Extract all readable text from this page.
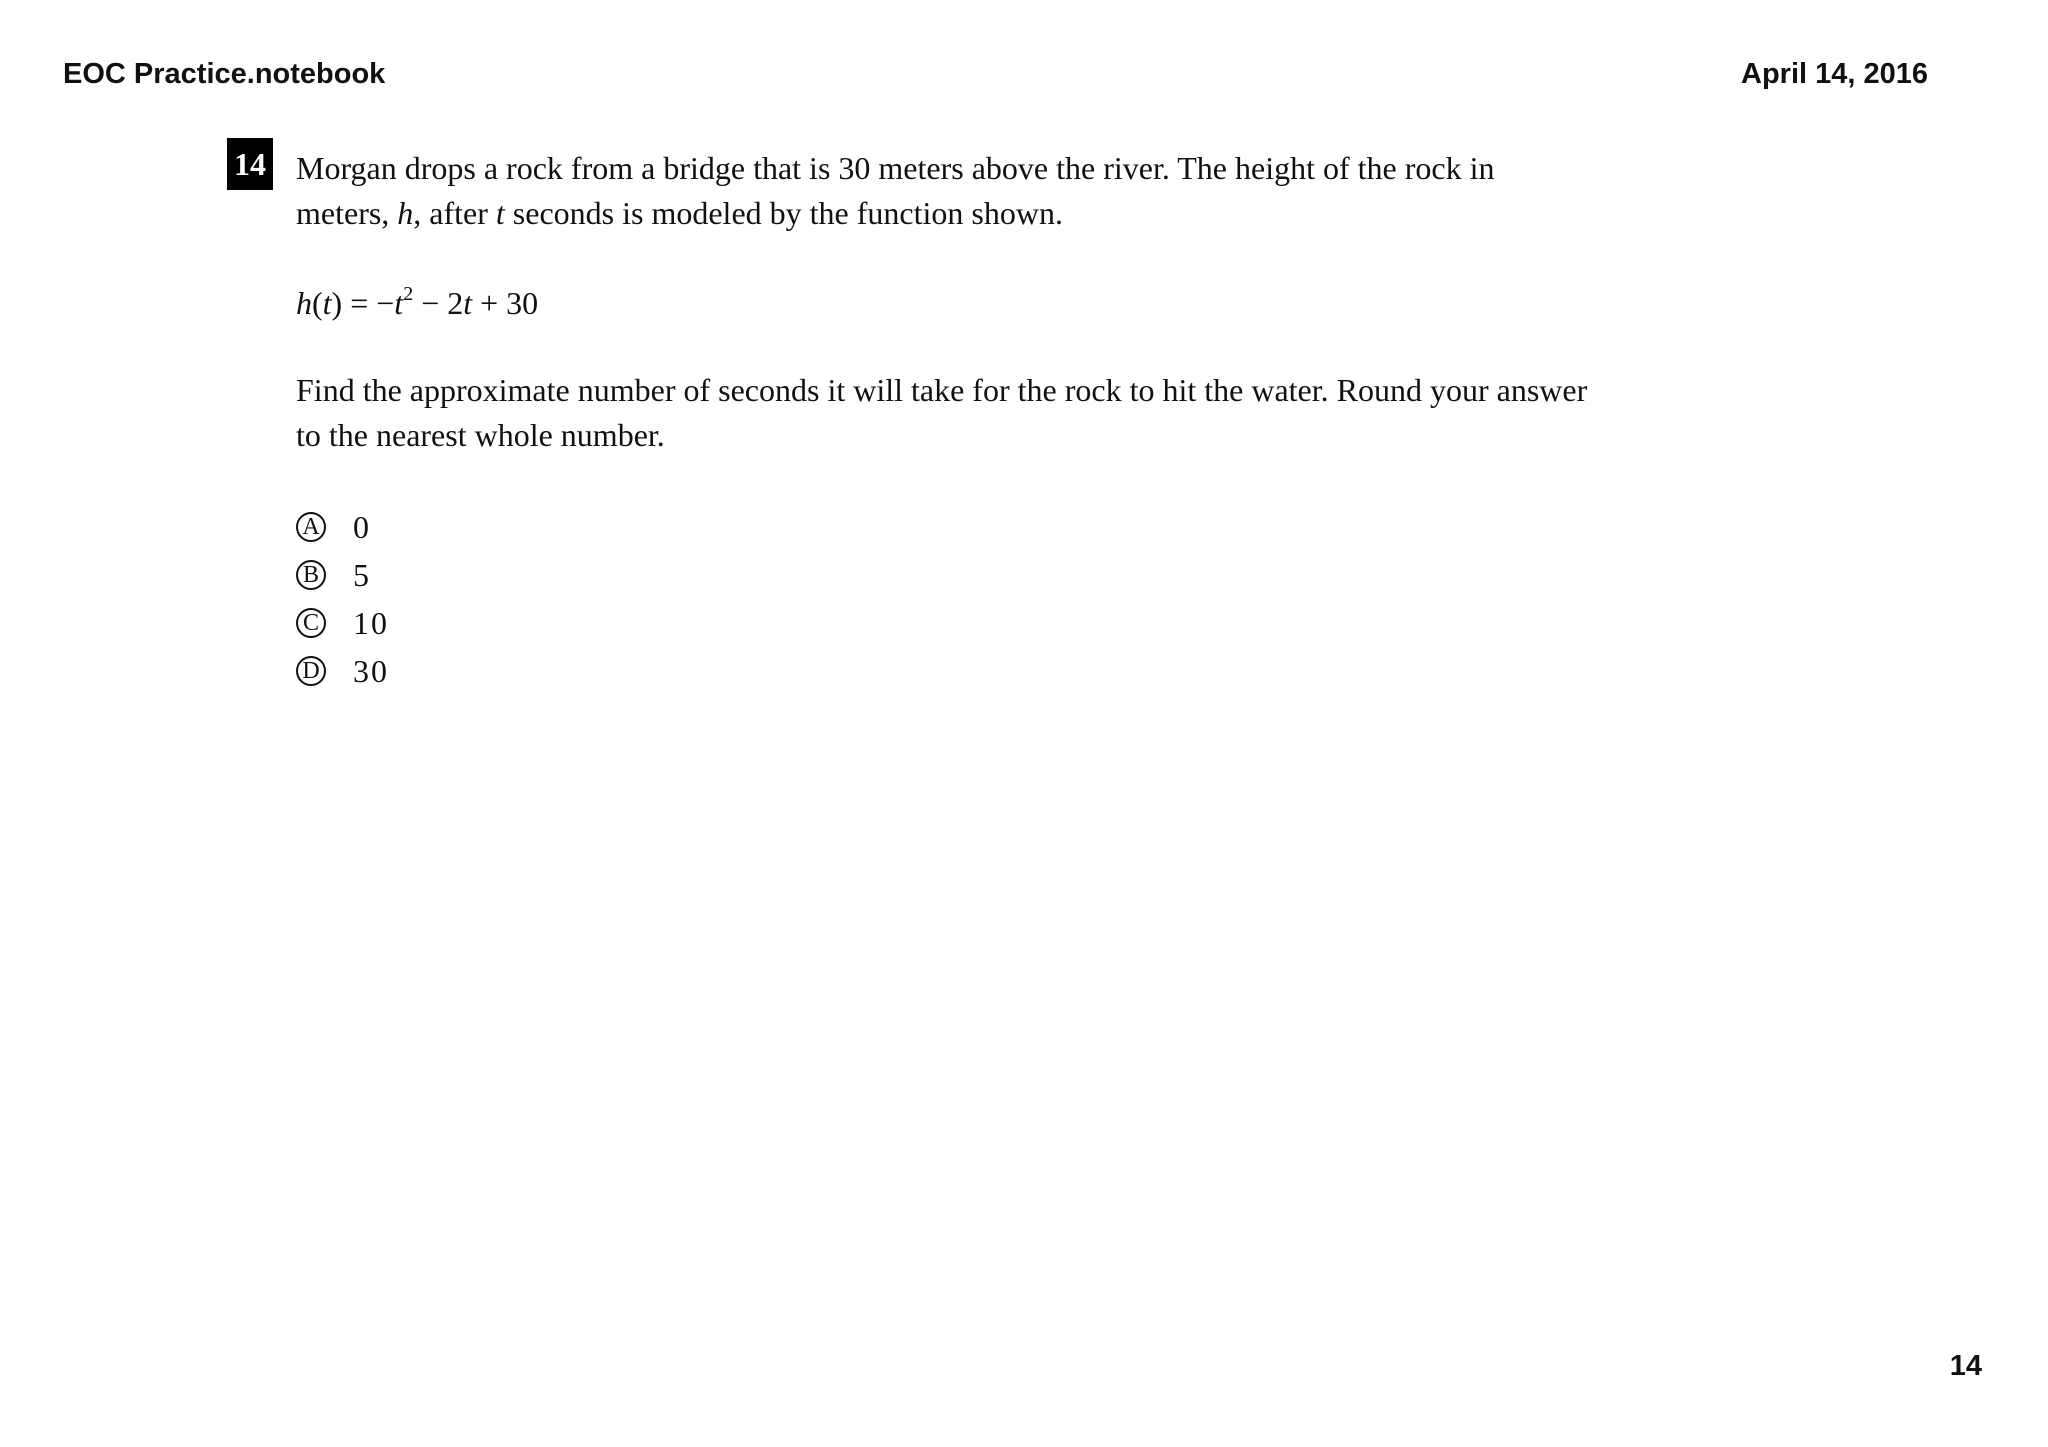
EOC Practice.notebook	April 14, 2016
14 Morgan drops a rock from a bridge that is 30 meters above the river. The height of the rock in

meters, h, after t seconds is modeled by the function shown.

$h(t) = -t^2 - 2t + 30$

Find the approximate number of seconds it will take for the rock to hit the water. Round your answer

to the nearest whole number.

A 0
B 5
C 10
D 30
14
